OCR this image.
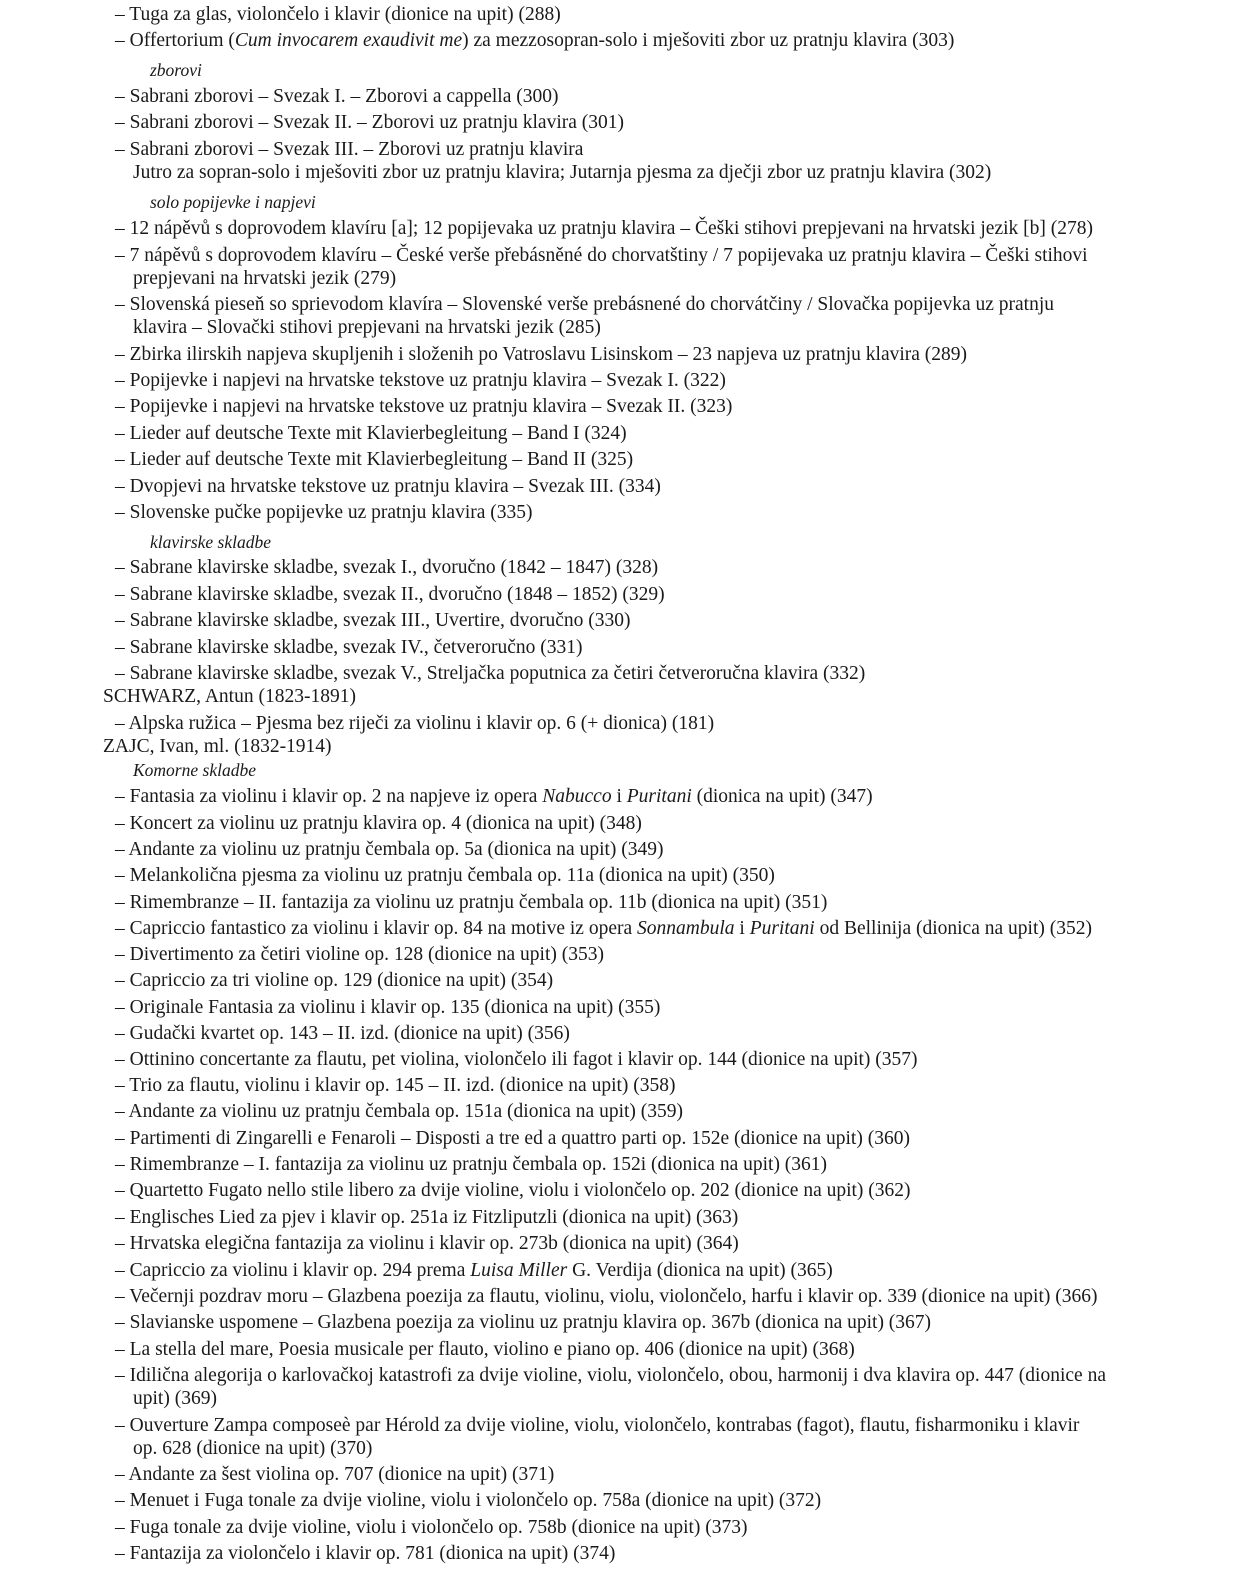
– Tuga za glas, violončelo i klavir (dionice na upit) (288)
– Offertorium (Cum invocarem exaudivit me) za mezzosopran-solo i mješoviti zbor uz pratnju klavira (303)
zborovi
– Sabrani zborovi – Svezak I. – Zborovi a cappella (300)
– Sabrani zborovi – Svezak II. – Zborovi uz pratnju klavira (301)
– Sabrani zborovi – Svezak III. – Zborovi uz pratnju klavira
Jutro za sopran-solo i mješoviti zbor uz pratnju klavira; Jutarnja pjesma za dječji zbor uz pratnju klavira (302)
solo popijevke i napjevi
– 12 nápěvů s doprovodem klavíru [a]; 12 popijevaka uz pratnju klavira – Češki stihovi prepjevani na hrvatski jezik [b] (278)
– 7 nápěvů s doprovodem klavíru – České verše přebásněné do chorvatštiny / 7 popijevaka uz pratnju klavira – Češki stihovi
prepjevani na hrvatski jezik (279)
– Slovenská pieseň so sprievodom klavíra – Slovenské verše prebásnené do chorvátčiny / Slovačka popijevka uz pratnju
klavira – Slovački stihovi prepjevani na hrvatski jezik (285)
– Zbirka ilirskih napjeva skupljenih i složenih po Vatroslavu Lisinskom – 23 napjeva uz pratnju klavira (289)
– Popijevke i napjevi na hrvatske tekstove uz pratnju klavira – Svezak I. (322)
– Popijevke i napjevi na hrvatske tekstove uz pratnju klavira – Svezak II. (323)
– Lieder auf deutsche Texte mit Klavierbegleitung – Band I (324)
– Lieder auf deutsche Texte mit Klavierbegleitung – Band II (325)
– Dvopjevi na hrvatske tekstove uz pratnju klavira – Svezak III. (334)
– Slovenske pučke popijevke uz pratnju klavira (335)
klavirske skladbe
– Sabrane klavirske skladbe, svezak I., dvoručno (1842 – 1847) (328)
– Sabrane klavirske skladbe, svezak II., dvoručno (1848 – 1852) (329)
– Sabrane klavirske skladbe, svezak III., Uvertire, dvoručno (330)
– Sabrane klavirske skladbe, svezak IV., četveroručno (331)
– Sabrane klavirske skladbe, svezak V., Streljačka poputnica za četiri četveroručna klavira (332)
SCHWARZ, Antun (1823-1891)
– Alpska ružica – Pjesma bez riječi za violinu i klavir op. 6 (+ dionica) (181)
ZAJC, Ivan, ml. (1832-1914)
Komorne skladbe
– Fantasia za violinu i klavir op. 2 na napjeve iz opera Nabucco i Puritani (dionica na upit) (347)
– Koncert za violinu uz pratnju klavira op. 4 (dionica na upit) (348)
– Andante za violinu uz pratnju čembala op. 5a (dionica na upit) (349)
– Melankolična pjesma za violinu uz pratnju čembala op. 11a (dionica na upit) (350)
– Rimembranze – II. fantazija za violinu uz pratnju čembala op. 11b (dionica na upit) (351)
– Capriccio fantastico za violinu i klavir op. 84 na motive iz opera Sonnambula i Puritani od Bellinija (dionica na upit) (352)
– Divertimento za četiri violine op. 128 (dionice na upit) (353)
– Capriccio za tri violine op. 129 (dionice na upit) (354)
– Originale Fantasia za violinu i klavir op. 135 (dionica na upit) (355)
– Gudački kvartet op. 143 – II. izd. (dionice na upit) (356)
– Ottinino concertante za flautu, pet violina, violončelo ili fagot i klavir op. 144 (dionice na upit) (357)
– Trio za flautu, violinu i klavir op. 145 – II. izd. (dionice na upit) (358)
– Andante za violinu uz pratnju čembala op. 151a (dionica na upit) (359)
– Partimenti di Zingarelli e Fenaroli – Disposti a tre ed a quattro parti op. 152e (dionice na upit) (360)
– Rimembranze – I. fantazija za violinu uz pratnju čembala op. 152i (dionica na upit) (361)
– Quartetto Fugato nello stile libero za dvije violine, violu i violončelo op. 202 (dionice na upit) (362)
– Englisches Lied za pjev i klavir op. 251a iz Fitzliputzli (dionica na upit) (363)
– Hrvatska elegična fantazija za violinu i klavir op. 273b (dionica na upit) (364)
– Capriccio za violinu i klavir op. 294 prema Luisa Miller G. Verdija (dionica na upit) (365)
– Večernji pozdrav moru – Glazbena poezija za flautu, violinu, violu, violončelo, harfu i klavir op. 339 (dionice na upit) (366)
– Slavianske uspomene – Glazbena poezija za violinu uz pratnju klavira op. 367b (dionica na upit) (367)
– La stella del mare, Poesia musicale per flauto, violino e piano op. 406 (dionice na upit) (368)
– Idilična alegorija o karlovačkoj katastrofi za dvije violine, violu, violončelo, obou, harmonij i dva klavira op. 447 (dionice na
upit) (369)
– Ouverture Zampa composeè par Hérold za dvije violine, violu, violončelo, kontrabas (fagot), flautu, fisharmoniku i klavir
op. 628 (dionice na upit) (370)
– Andante za šest violina op. 707 (dionice na upit) (371)
– Menuet i Fuga tonale za dvije violine, violu i violončelo op. 758a (dionice na upit) (372)
– Fuga tonale za dvije violine, violu i violončelo op. 758b (dionice na upit) (373)
– Fantazija za violončelo i klavir op. 781 (dionica na upit) (374)
